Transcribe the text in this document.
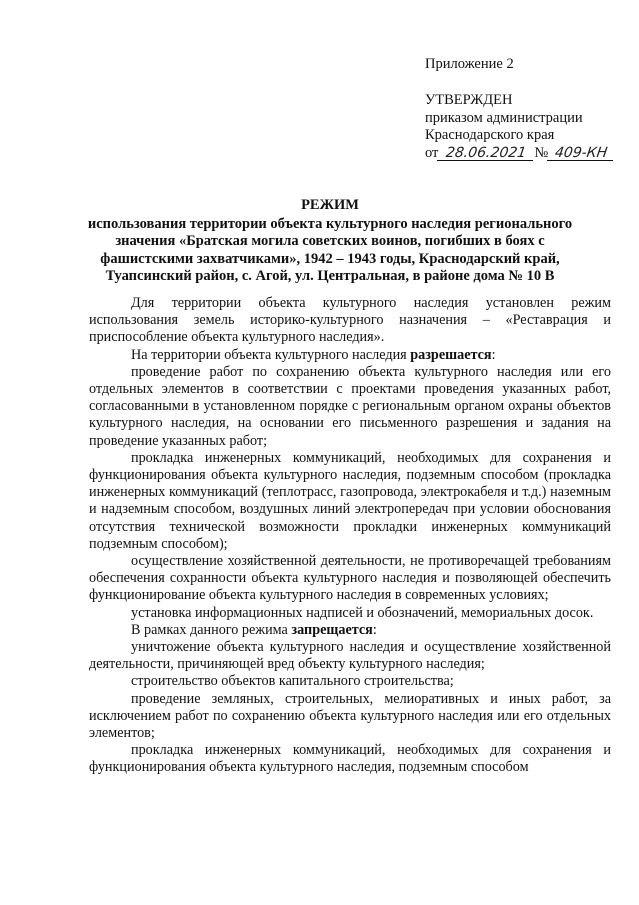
Приложение 2
УТВЕРЖДЕН
приказом администрации
Краснодарского края
от 28.06.2021 № 409-КН
РЕЖИМ
использования территории объекта культурного наследия регионального значения «Братская могила советских воинов, погибших в боях с фашистскими захватчиками», 1942 – 1943 годы, Краснодарский край, Туапсинский район, с. Агой, ул. Центральная, в районе дома № 10 В

Для территории объекта культурного наследия установлен режим использования земель историко-культурного назначения – «Реставрация и приспособление объекта культурного наследия».

На территории объекта культурного наследия разрешается:

проведение работ по сохранению объекта культурного наследия или его отдельных элементов в соответствии с проектами проведения указанных работ, согласованными в установленном порядке с региональным органом охраны объектов культурного наследия, на основании его письменного разрешения и задания на проведение указанных работ;

прокладка инженерных коммуникаций, необходимых для сохранения и функционирования объекта культурного наследия, подземным способом (прокладка инженерных коммуникаций (теплотрасс, газопровода, электрокабеля и т.д.) наземным и надземным способом, воздушных линий электропередач при условии обоснования отсутствия технической возможности прокладки инженерных коммуникаций подземным способом);

осуществление хозяйственной деятельности, не противоречащей требованиям обеспечения сохранности объекта культурного наследия и позволяющей обеспечить функционирование объекта культурного наследия в современных условиях;

установка информационных надписей и обозначений, мемориальных досок.

В рамках данного режима запрещается:

уничтожение объекта культурного наследия и осуществление хозяйственной деятельности, причиняющей вред объекту культурного наследия;

строительство объектов капитального строительства;

проведение земляных, строительных, мелиоративных и иных работ, за исключением работ по сохранению объекта культурного наследия или его отдельных элементов;

прокладка инженерных коммуникаций, необходимых для сохранения и функционирования объекта культурного наследия, подземным способом
